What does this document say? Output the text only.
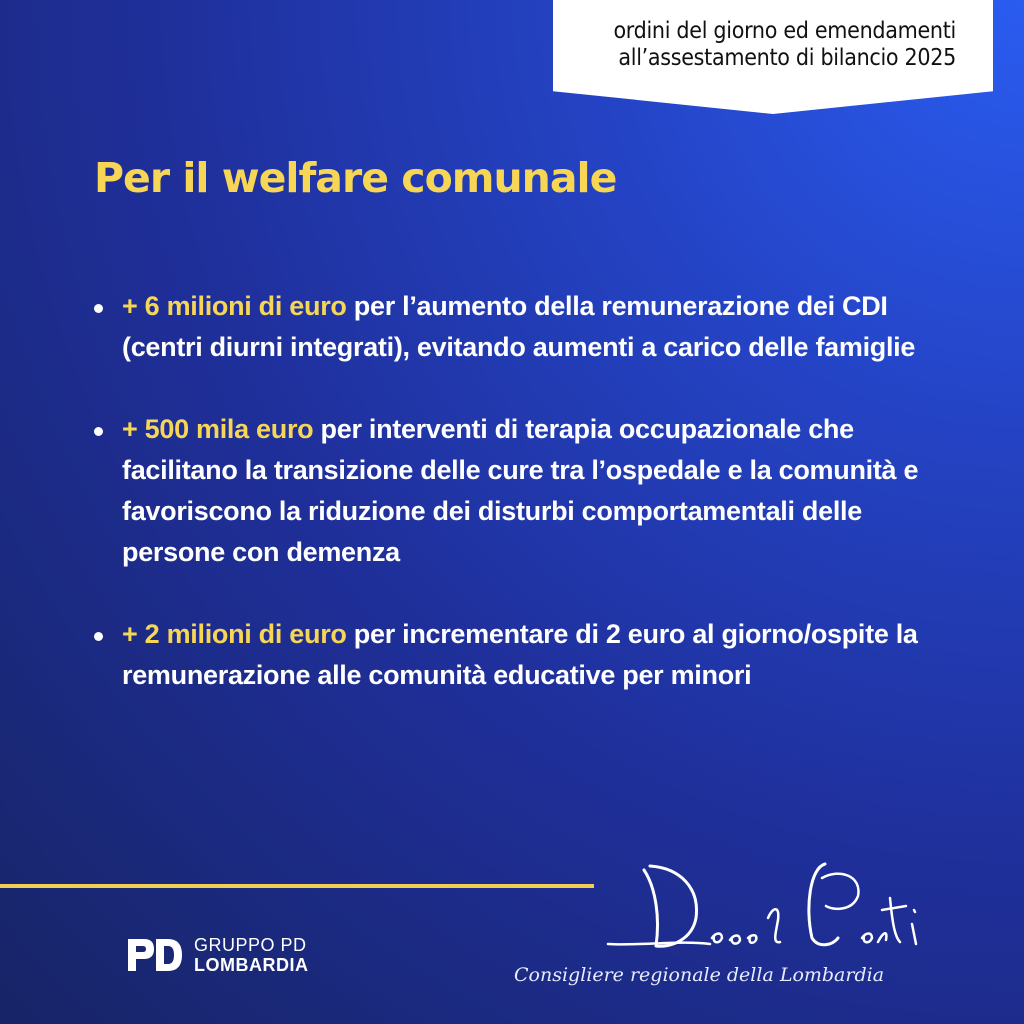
ordini del giorno ed emendamenti
all’assestamento di bilancio 2025
Per il welfare comunale
+ 6 milioni di euro per l’aumento della remunerazione dei CDI (centri diurni integrati), evitando aumenti a carico delle famiglie
+ 500 mila euro per interventi di terapia occupazionale che facilitano la transizione delle cure tra l’ospedale e la comunità e favoriscono la riduzione dei disturbi comportamentali delle persone con demenza
+ 2 milioni di euro per incrementare di 2 euro al giorno/ospite la remunerazione alle comunità educative per minori
GRUPPO PD
LOMBARDIA	Consigliere regionale della Lombardia
